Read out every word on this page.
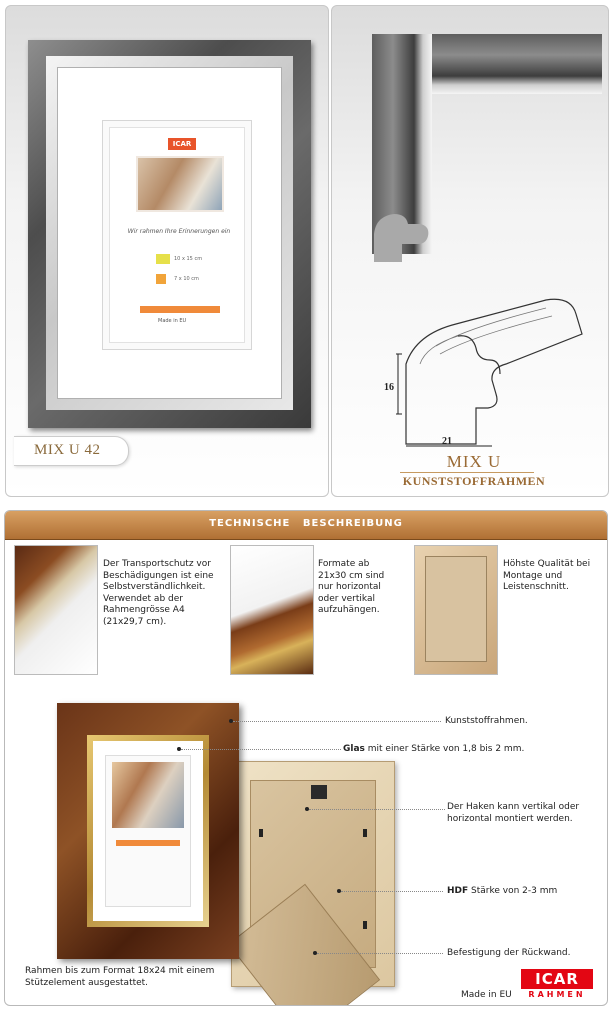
ICAR
Wir rahmen Ihre Erinnerungen ein
10 x 15 cm
7 x 10 cm
Made in EU
MIX U 42
16
21
MIX U
KUNSTSTOFFRAHMEN
TECHNISCHE BESCHREIBUNG
Der Transportschutz vor Beschädigungen ist eine Selbstverständlichkeit. Verwendet ab der Rahmengrösse A4 (21x29,7 cm).
Formate ab 21x30 cm sind nur horizontal oder vertikal aufzuhängen.
Höhste Qualität bei Montage und Leistenschnitt.
Kunststoffrahmen.
Glas mit einer Stärke von 1,8 bis 2 mm.
Der Haken kann vertikal oder horizontal montiert werden.
HDF Stärke von 2-3 mm
Befestigung der Rückwand.
Rahmen bis zum Format 18x24 mit einem Stützelement ausgestattet.
Made in EU
ICAR
RAHMEN
